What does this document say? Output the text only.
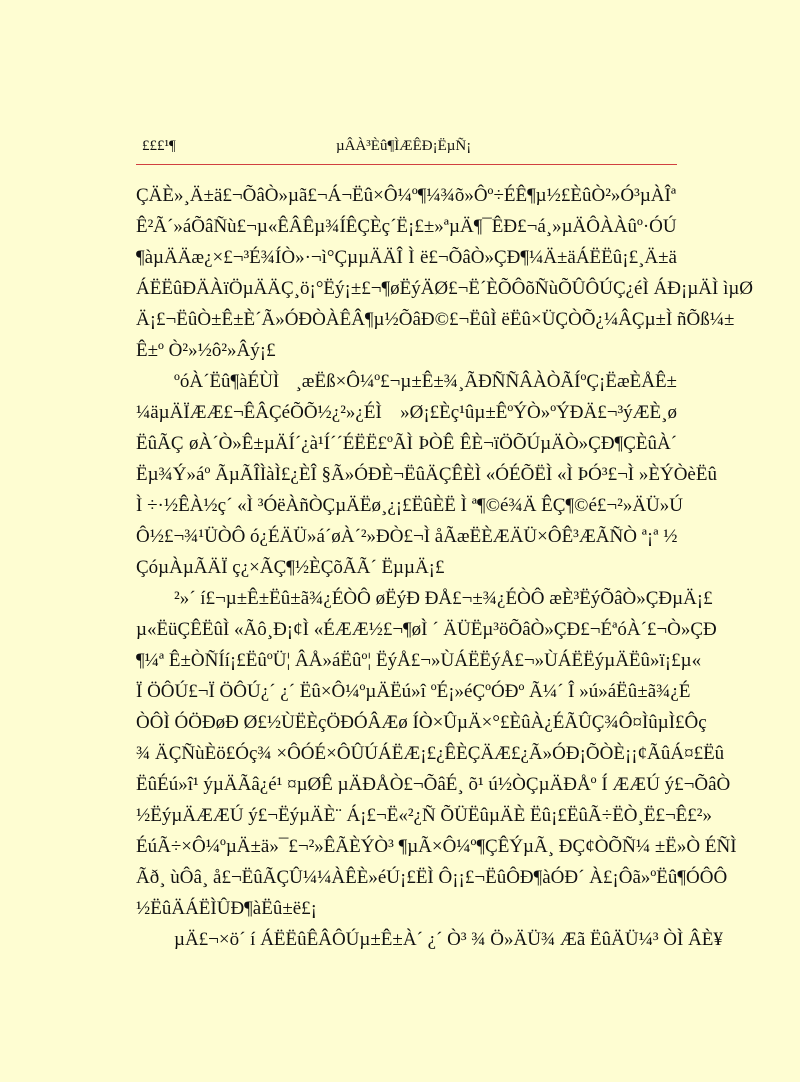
£££¹¶	µÂÀ³Èû¶ÌÆÊÐ¡ËµÑ¡
ÇÄÈ»¸Ä±ä£¬ÕâÒ»µã£¬Á¬Ëû×Ô¼º¶¼¾õ»Ôº÷ÉÊ¶µ½£ÈûÒ²»Ó³µÀÎª
Ê²Ã´»áÕâÑù£¬µ«ÊÂÊµ¾ÍÊÇÈç´Ë¡£±»ªµÄ¶¯ÊÐ£¬á¸»µÄÔÀÀûº·ÓÚ
¶àµÄÄæ¿×£¬³É¾ÍÒ»·¬ì°ÇµµÄÄÎ Ì ë£¬ÕâÒ»ÇÐ¶¼Ä±äÁËËû¡£¸Ä±ä
ÁËËûÐÄÀïÖµÄÄÇ¸ö¡°Ëý¡±£¬¶øËýÄØ£¬Ë´ÈÕÔõÑùÕÛÔÚÇ¿éÌ ÁÐ¡µÄÌ ìµØ
Ä¡£¬ËûÒ±Ê±È´Ã»ÓÐÒÀÊÂ¶µ½ÕâÐ©£¬ËûÌ ëËû×ÜÇÒÕ¿¼ÂÇµ±Ì ñÕß¼±
Ê±º Ò²»½ô²»Âý¡£
ºóÀ´Ëû¶àÉÙÌ ¸æËß×Ô¼º£¬µ±Ê±¾¸ÃÐÑÑÂÀÒÃÍºÇ¡ËæÈÅÊ±
¼äµÄÏÆÆ£¬ÊÂÇéÕÕ½¿²»¿ÉÌ »Ø¡£Èç¹ûµ±ÊºÝÒ»ºÝÐÄ£¬³ýÆÈ¸ø
ËûÃÇ øÀ´Ò»Ê±µÄÍ´¿à¹Í´´ÉËË£ºÃÌ ÞÒÊ ÊÈ¬ïÖÕÚµÄÒ»ÇÐ¶ÇÈûÀ´
Ëµ¾Ý»áº ÃµÃÎÌàÌ£¿ÈÎ §Ã»ÓÐÈ¬ËûÄÇÊÈÌ «ÓÉÕËÌ «Ì ÞÓ³£¬Ì »ÈÝÒèËû
Ì ÷·½ÊÀ½ç´ «Ì ³ÓëÀñÒÇµÄËø¸¿¡£ËûÈË Ì ª¶©é¾Ä ÊÇ¶©é£¬²»ÄÜ»Ú
Ô½£¬¾¹ÜÒÔ ó¿ÉÄÜ»á´øÀ´²»ÐÒ£¬Ì åÃæËÈÆÄÜ×ÔÊ³ÆÃÑÒ ª¡ª ½
ÇóµÀµÃÄÏ ç¿×ÃÇ¶½ÈÇõÃÃ´ ËµµÄ¡£
²»´ í£¬µ±Ê±Ëû±ã¾¿ÉÒÔ øËýÐ ÐÅ£¬±¾¿ÉÒÔ æÈ³ËýÕâÒ»ÇÐµÄ¡£
µ«ËüÇÊËûÌ «Ãô¸Ð¡¢Ì «ÉÆÆ½£¬¶øÌ ´ ÄÜËµ³öÕâÒ»ÇÐ£¬ÉªóÀ´£¬Ò»ÇÐ
¶¼ª Ê±ÒÑÍí¡£ËûºÜ¦ ÂÅ»áËûº¦ ËýÅ£¬»ÙÁËËýÅ£¬»ÙÁËËýµÄËû»ï¡£µ«
Ï ÖÔÚ£¬Ï ÖÔÚ¿´ ¿´ Ëû×Ô¼ºµÄËú»î ºÉ¡»éÇºÓÐº Ã¼´ Î »ú»áËû±ã¾¿É
ÒÔÌ ÓÖÐøÐ Ø£½ÙËÈçÖÐÓÂÆø ÍÒ×ÛµÄ×°£ÈûÀ¿ÉÃÛÇ¾Ô¤ÌûµÌ£Ôç
¾ ÄÇÑùÈö£Óç¾ ×ÔÓÉ×ÔÛÚÁËÆ¡£¿ÊÈÇÄÆ£¿Ã»ÓÐ¡ÕÒÈ¡¡¢ÃûÁ¤£Ëû
ËûÉú»î¹ ýµÄÃâ¿é¹ ¤µØÊ µÄÐÅÒ£¬ÕâÉ¸ õ¹ ú½ÒÇµÄÐÅº Í ÆÆÚ ý£¬ÕâÒ
½ËýµÄÆÆÚ ý£¬ËýµÄÈ¨ Á¡£¬Ë«²¿Ñ ÕÜËûµÄÈ Ëû¡£ËûÃ÷ËÒ¸Ë£¬Ê£²»
ÉúÃ÷×Ô¼ºµÄ±ä»¯£¬²»ÊÃÈÝÒ³ ¶µÃ×Ô¼º¶ÇÊÝµÃ¸ ÐÇ¢ÒÕÑ¼ ±Ë»Ò ÉÑÌ
Ãð¸ ùÔâ¸ å£¬ËûÃÇÛ¼¼ÀÊÈ»éÚ¡£ËÌ Ô¡¡£¬ËûÔÐ¶àÓÐ´ À£¡Ôã»ºËû¶ÓÔÔ
½ËûÄÁËÌÛÐ¶àËû±ë£¡
µÄ£¬×ö´ í ÁËËûÊÂÔÚµ±Ê±À´ ¿´ Ò³ ¾ Ö»ÄÜ¾ Æã ËûÄÜ¼³ ÒÌ ÂÈ¥
